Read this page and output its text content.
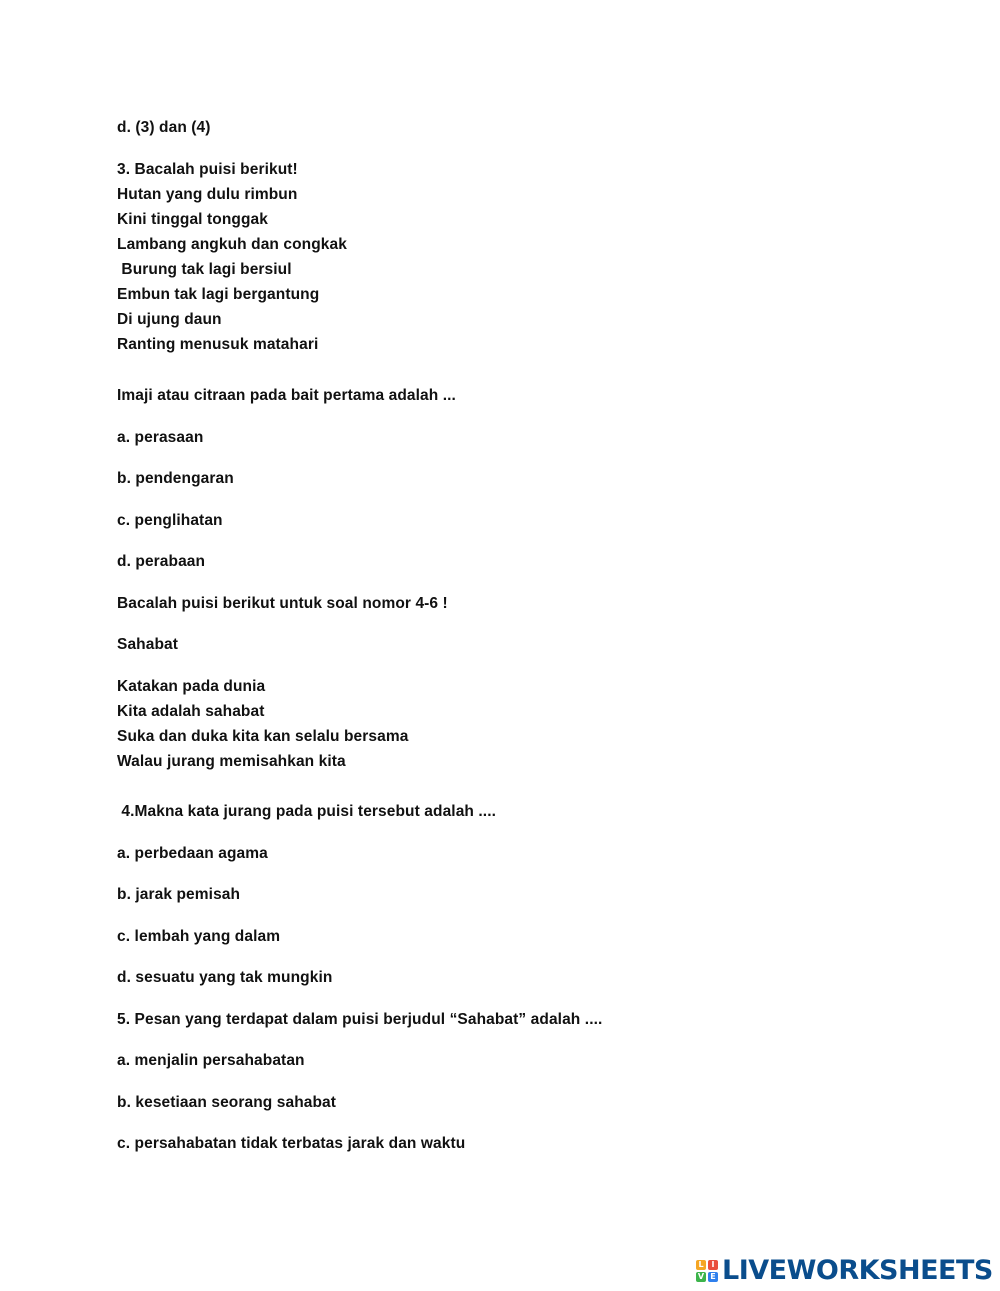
d. (3) dan (4)
3. Bacalah puisi berikut!
Hutan yang dulu rimbun
Kini tinggal tonggak
Lambang angkuh dan congkak
Burung tak lagi bersiul
Embun tak lagi bergantung
Di ujung daun
Ranting menusuk matahari
Imaji atau citraan pada bait pertama adalah ...
a. perasaan
b. pendengaran
c. penglihatan
d. perabaan
Bacalah puisi berikut untuk soal nomor 4-6 !
Sahabat
Katakan pada dunia
Kita adalah sahabat
Suka dan duka kita kan selalu bersama
Walau jurang memisahkan kita
4.Makna kata jurang pada puisi tersebut adalah ....
a. perbedaan agama
b. jarak pemisah
c. lembah yang dalam
d. sesuatu yang tak mungkin
5. Pesan yang terdapat dalam puisi berjudul “Sahabat” adalah ....
a. menjalin persahabatan
b. kesetiaan seorang sahabat
c. persahabatan tidak terbatas jarak dan waktu
L I
V E LIVEWORKSHEETS
